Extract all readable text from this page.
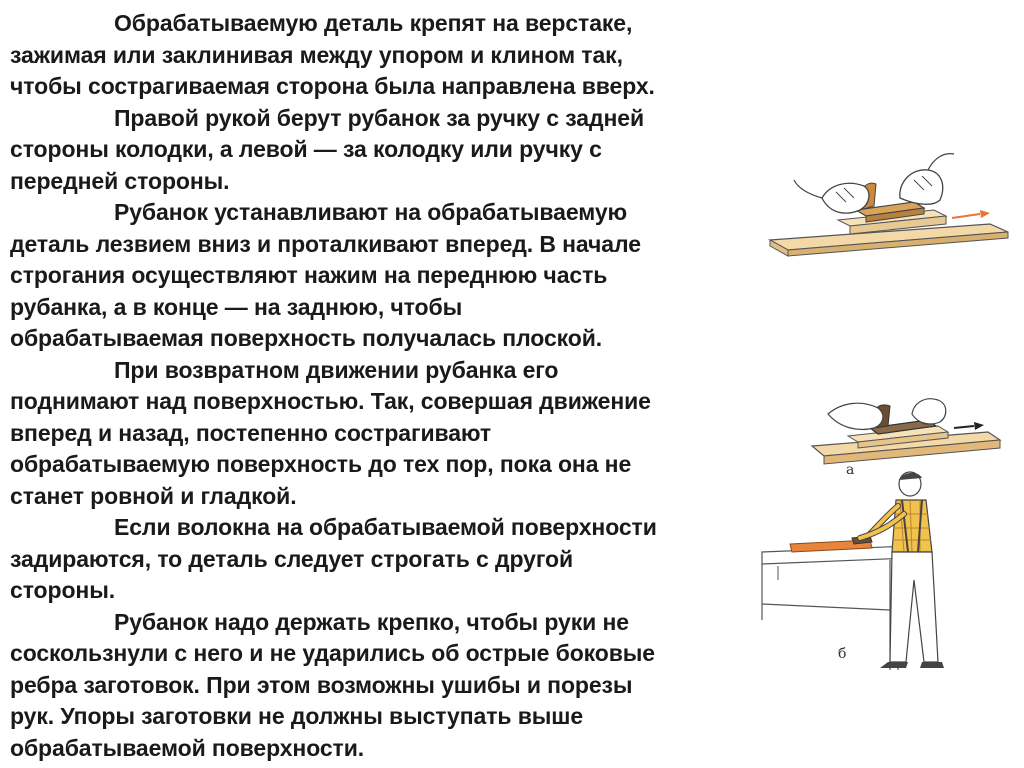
Обрабатываемую деталь крепят на верстаке,
зажимая или заклинивая между упором и клином так,
чтобы сострагиваемая сторона была направлена вверх.
Правой рукой берут рубанок за ручку с задней
стороны колодки, а левой — за колодку или ручку с
передней стороны.
Рубанок устанавливают на обрабатываемую
деталь лезвием вниз и проталкивают вперед. В начале
строгания осуществляют нажим на переднюю часть
рубанка, а в конце — на заднюю, чтобы
обрабатываемая поверхность получалась плоской.
При возвратном движении рубанка его
поднимают над поверхностью. Так, совершая движение
вперед и назад, постепенно сострагивают
обрабатываемую поверхность до тех пор, пока она не
станет ровной и гладкой.
Если волокна на обрабатываемой поверхности
задираются, то деталь следует строгать с другой
стороны.
Рубанок надо держать крепко, чтобы руки не
соскользнули с него и не ударились об острые боковые
ребра заготовок. При этом возможны ушибы и порезы
рук. Упоры заготовки не должны выступать выше
обрабатываемой поверхности.
а
б
